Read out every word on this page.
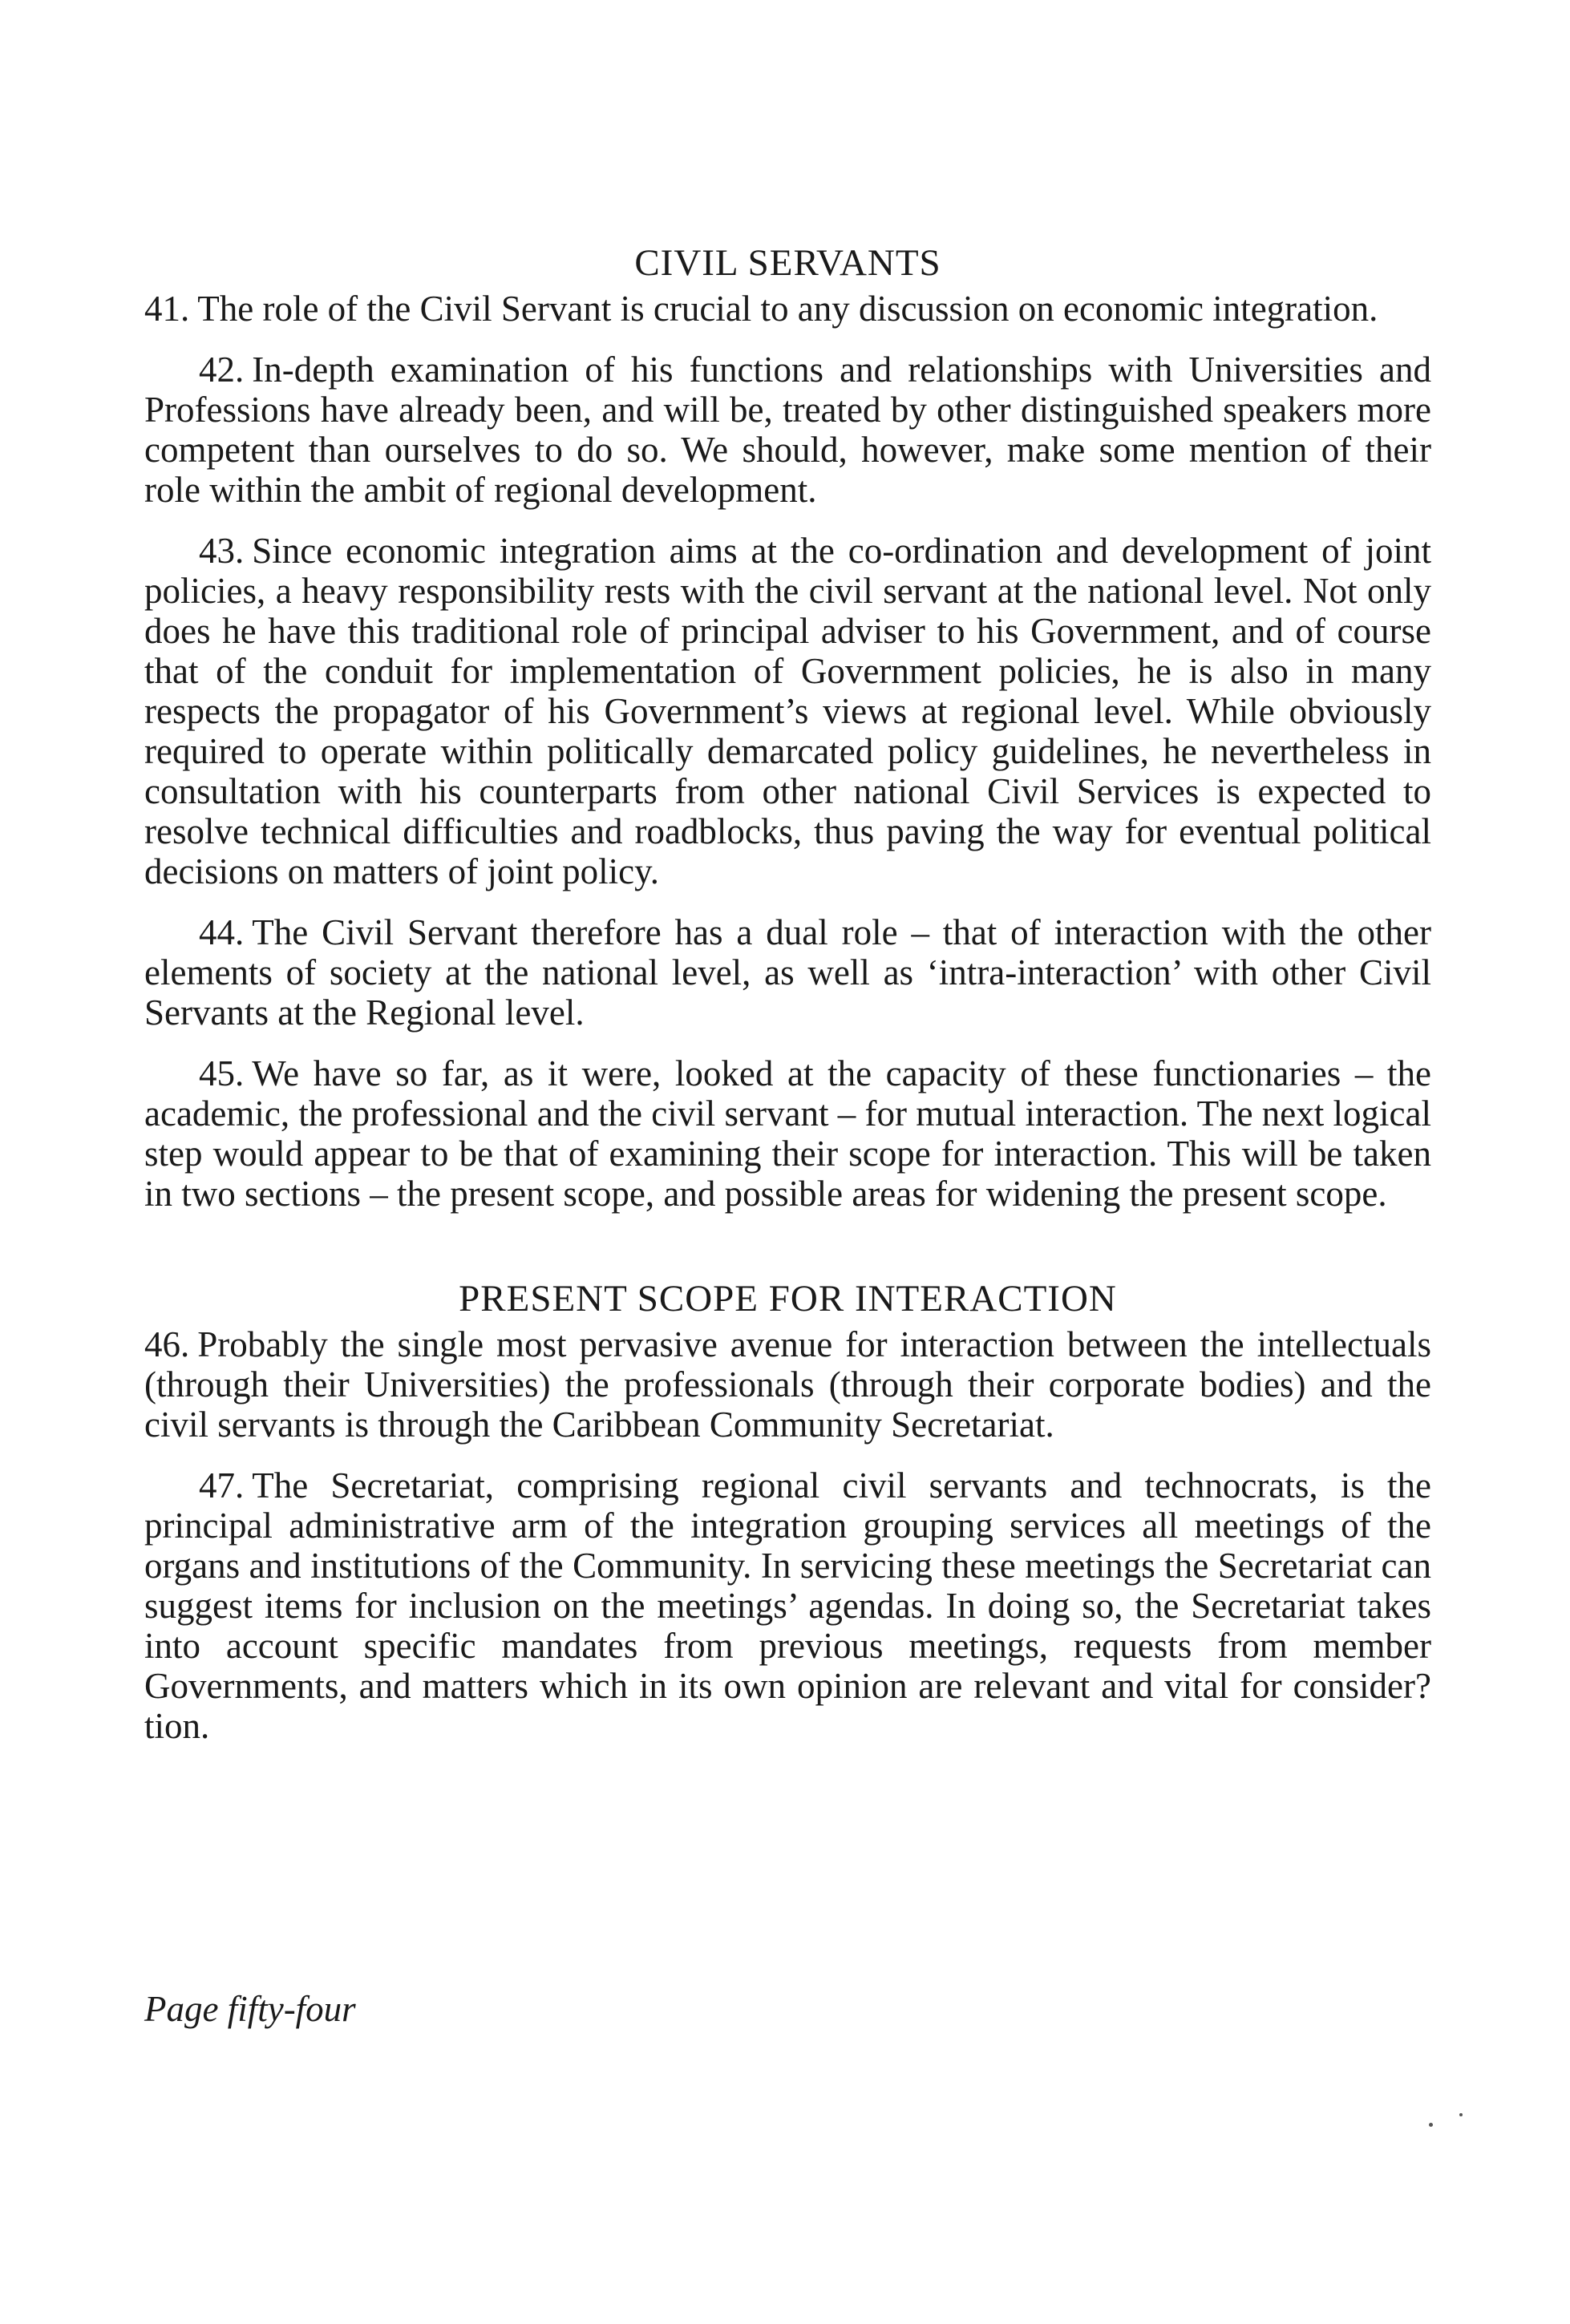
CIVIL SERVANTS

41. The role of the Civil Servant is crucial to any discussion on economic integration.

42. In-depth examination of his functions and relationships with Universities and Professions have already been, and will be, treated by other distinguished speakers more competent than ourselves to do so. We should, however, make some mention of their role within the ambit of regional development.

43. Since economic integration aims at the co-ordination and development of joint policies, a heavy responsibility rests with the civil servant at the national level. Not only does he have this traditional role of principal adviser to his Government, and of course that of the conduit for implementation of Government policies, he is also in many respects the propagator of his Government’s views at regional level. While obviously required to operate within politically demarcated policy guidelines, he nevertheless in consultation with his counterparts from other national Civil Services is expected to resolve technical difficulties and roadblocks, thus paving the way for eventual political decisions on matters of joint policy.

44. The Civil Servant therefore has a dual role – that of interaction with the other elements of society at the national level, as well as ‘intra-interaction’ with other Civil Servants at the Regional level.

45. We have so far, as it were, looked at the capacity of these functionaries – the academic, the professional and the civil servant – for mutual interaction. The next logical step would appear to be that of examining their scope for interaction. This will be taken in two sections – the present scope, and possible areas for widening the present scope.

PRESENT SCOPE FOR INTERACTION

46. Probably the single most pervasive avenue for interaction between the intellectuals (through their Universities) the professionals (through their corporate bodies) and the civil servants is through the Caribbean Community Secretariat.

47. The Secretariat, comprising regional civil servants and technocrats, is the principal administrative arm of the integration grouping services all meetings of the organs and institutions of the Community. In servicing these meetings the Secretariat can suggest items for inclusion on the meetings’ agendas. In doing so, the Secretariat takes into account specific mandates from previous meetings, requests from member Governments, and matters which in its own opinion are relevant and vital for consider?tion.

Page fifty-four
